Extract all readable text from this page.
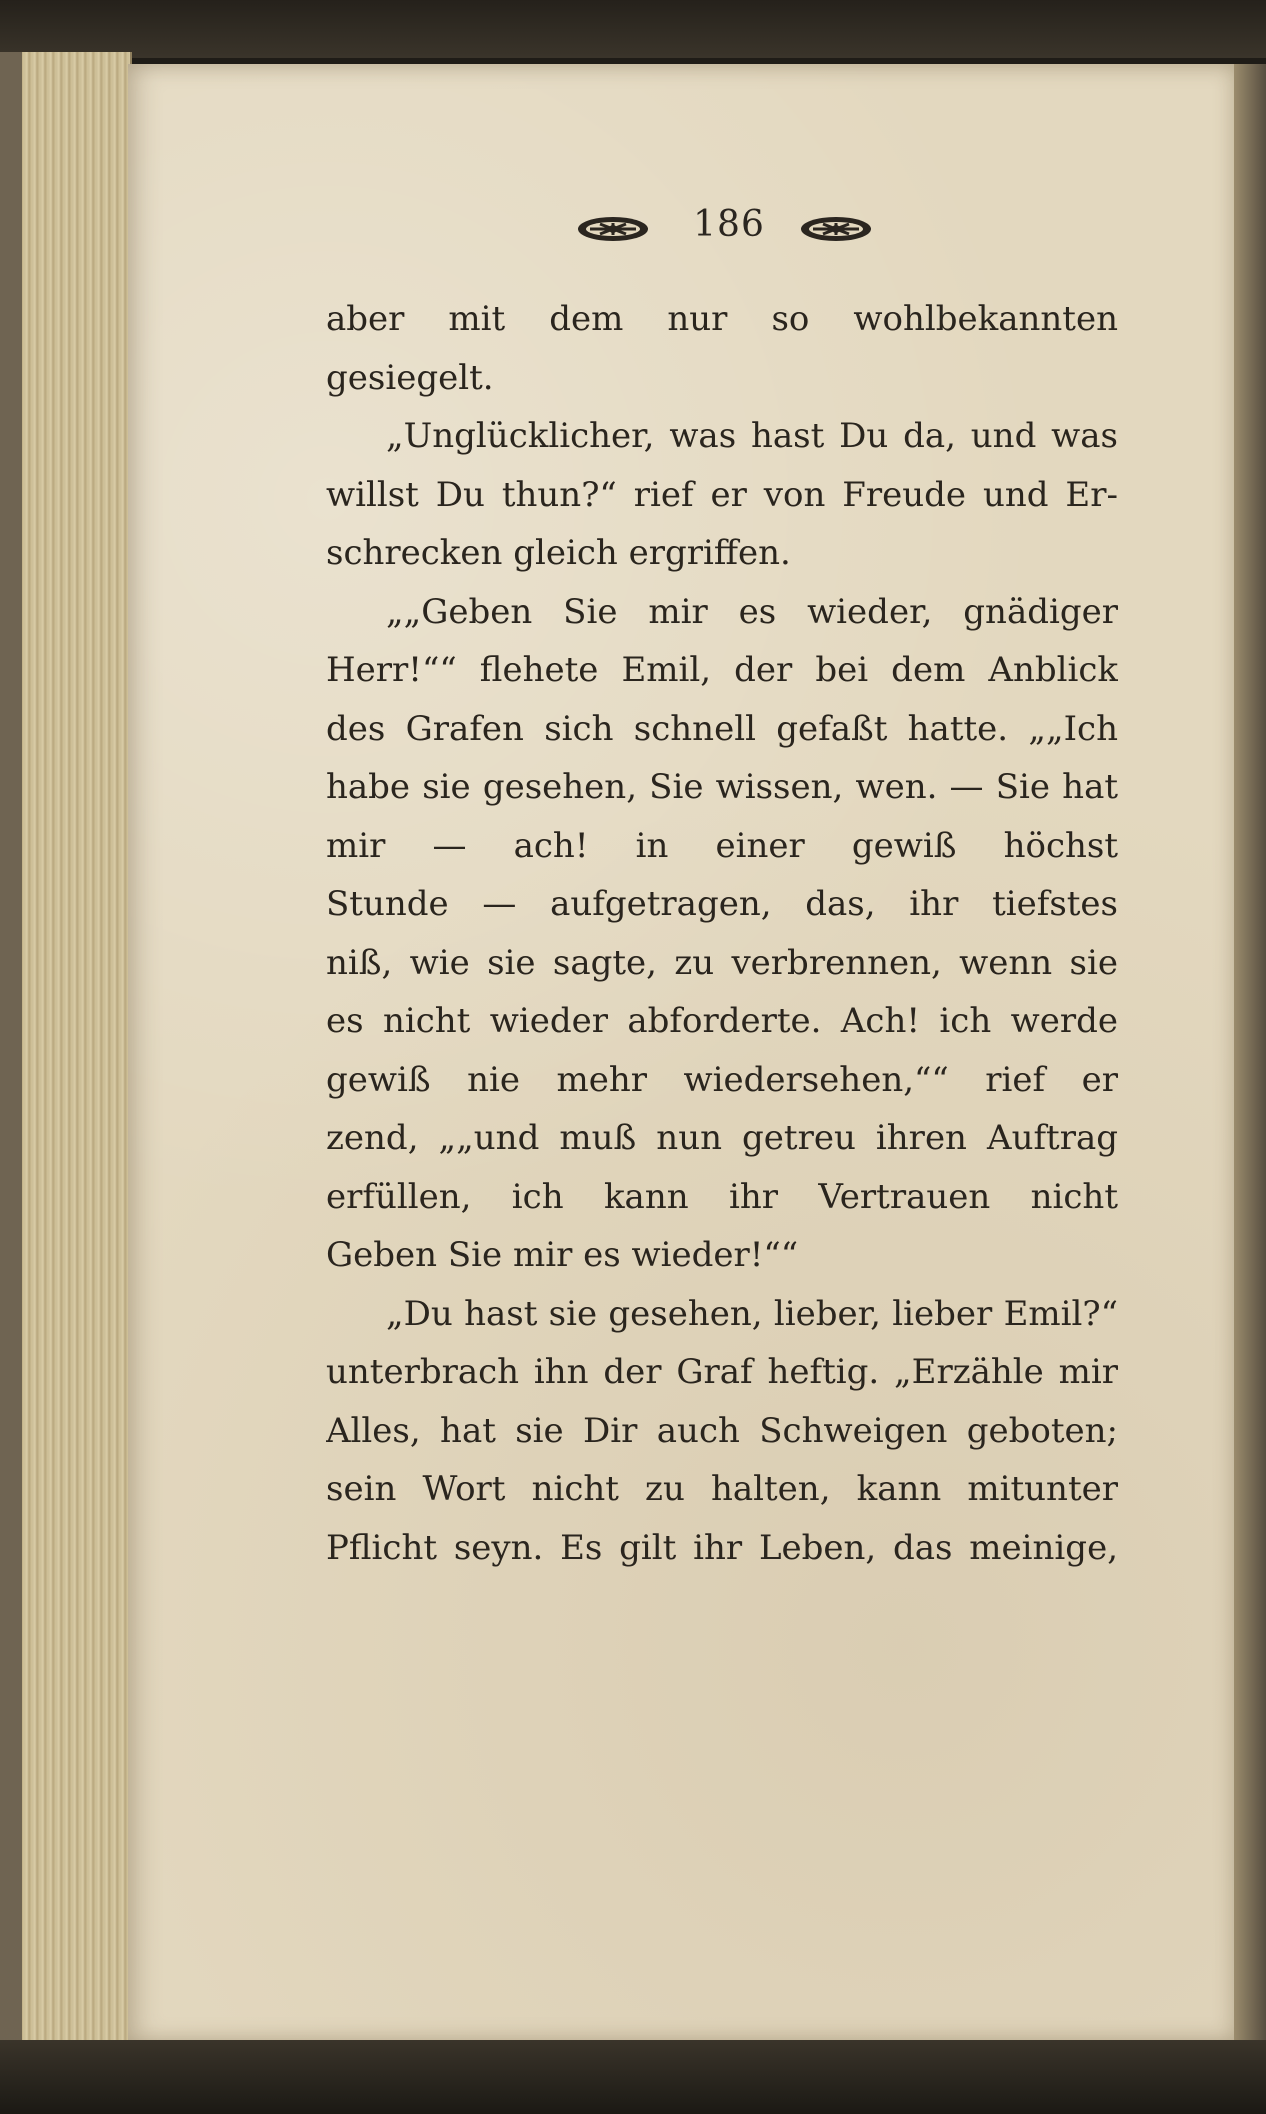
186
aber mit dem nur so wohlbekannten
gesiegelt.
„Unglücklicher, was hast Du da, und was
willst Du thun?“ rief er von Freude und Er-
schrecken gleich ergriffen.
„„Geben Sie mir es wieder, gnädiger
Herr!““ flehete Emil, der bei dem Anblick
des Grafen sich schnell gefaßt hatte. „„Ich
habe sie gesehen, Sie wissen, wen. — Sie hat
mir — ach! in einer gewiß höchst
Stunde — aufgetragen, das, ihr tiefstes
niß, wie sie sagte, zu verbrennen, wenn sie
es nicht wieder abforderte. Ach! ich werde
gewiß nie mehr wiedersehen,““ rief er
zend, „„und muß nun getreu ihren Auftrag
erfüllen, ich kann ihr Vertrauen nicht
Geben Sie mir es wieder!““
„Du hast sie gesehen, lieber, lieber Emil?“
unterbrach ihn der Graf heftig. „Erzähle mir
Alles, hat sie Dir auch Schweigen geboten;
sein Wort nicht zu halten, kann mitunter
Pflicht seyn. Es gilt ihr Leben, das meinige,
